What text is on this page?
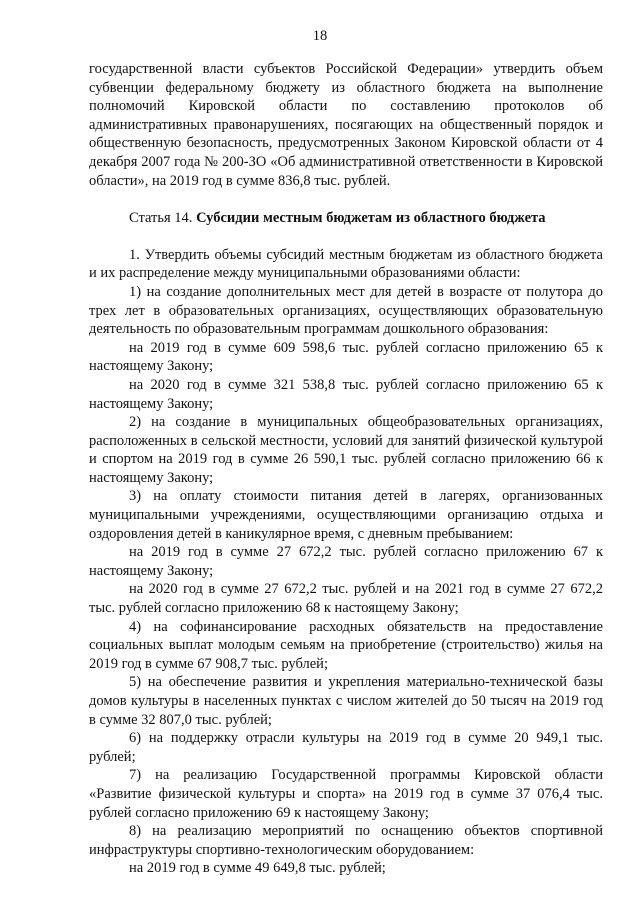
18

государственной власти субъектов Российской Федерации» утвердить объем субвенции федеральному бюджету из областного бюджета на выполнение полномочий Кировской области по составлению протоколов об административных правонарушениях, посягающих на общественный порядок и общественную безопасность, предусмотренных Законом Кировской области от 4 декабря 2007 года № 200-ЗО «Об административной ответственности в Кировской области», на 2019 год в сумме 836,8 тыс. рублей.

Статья 14. Субсидии местным бюджетам из областного бюджета

1. Утвердить объемы субсидий местным бюджетам из областного бюджета и их распределение между муниципальными образованиями области:

1) на создание дополнительных мест для детей в возрасте от полутора до трех лет в образовательных организациях, осуществляющих образовательную деятельность по образовательным программам дошкольного образования:

на 2019 год в сумме 609 598,6 тыс. рублей согласно приложению 65 к настоящему Закону;

на 2020 год в сумме 321 538,8 тыс. рублей согласно приложению 65 к настоящему Закону;

2) на создание в муниципальных общеобразовательных организациях, расположенных в сельской местности, условий для занятий физической культурой и спортом на 2019 год в сумме 26 590,1 тыс. рублей согласно приложению 66 к настоящему Закону;

3) на оплату стоимости питания детей в лагерях, организованных муниципальными учреждениями, осуществляющими организацию отдыха и оздоровления детей в каникулярное время, с дневным пребыванием:

на 2019 год в сумме 27 672,2 тыс. рублей согласно приложению 67 к настоящему Закону;

на 2020 год в сумме 27 672,2 тыс. рублей и на 2021 год в сумме 27 672,2 тыс. рублей согласно приложению 68 к настоящему Закону;

4) на софинансирование расходных обязательств на предоставление социальных выплат молодым семьям на приобретение (строительство) жилья на 2019 год в сумме 67 908,7 тыс. рублей;

5) на обеспечение развития и укрепления материально-технической базы домов культуры в населенных пунктах с числом жителей до 50 тысяч на 2019 год в сумме 32 807,0 тыс. рублей;

6) на поддержку отрасли культуры на 2019 год в сумме 20 949,1 тыс. рублей;

7) на реализацию Государственной программы Кировской области «Развитие физической культуры и спорта» на 2019 год в сумме 37 076,4 тыс. рублей согласно приложению 69 к настоящему Закону;

8) на реализацию мероприятий по оснащению объектов спортивной инфраструктуры спортивно-технологическим оборудованием:

на 2019 год в сумме 49 649,8 тыс. рублей;
